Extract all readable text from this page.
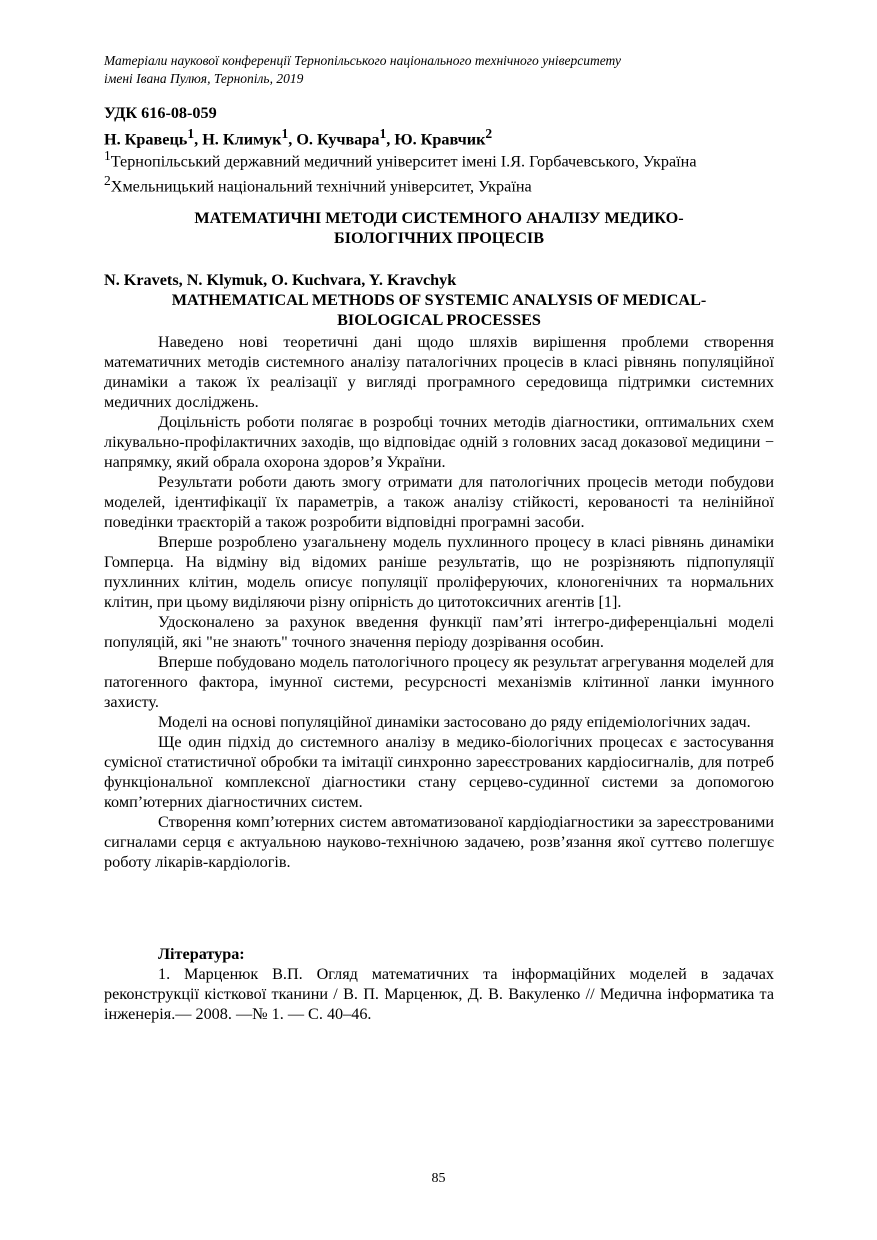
Матеріали наукової конференції Тернопільського національного технічного університету
імені Івана Пулюя, Тернопіль, 2019
УДК 616-08-059
Н. Кравець$^1$, Н. Климук$^1$, О. Кучвара$^1$, Ю. Кравчик$^2$
$^1$Тернопільський державний медичний університет імені І.Я. Горбачевського, Україна
$^2$Хмельницький національний технічний університет, Україна
МАТЕМАТИЧНІ МЕТОДИ СИСТЕМНОГО АНАЛІЗУ МЕДИКО-
БІОЛОГІЧНИХ ПРОЦЕСІВ
N. Kravets, N. Klymuk, O. Kuchvara, Y. Kravchyk
MATHEMATICAL METHODS OF SYSTEMIC ANALYSIS OF MEDICAL-
BIOLOGICAL PROCESSES

Наведено нові теоретичні дані щодо шляхів вирішення проблеми створення математичних методів системного аналізу паталогічних процесів в класі рівнянь популяційної динаміки а також їх реалізації у вигляді програмного середовища підтримки системних медичних досліджень.

Доцільність роботи полягає в розробці точних методів діагностики, оптимальних схем лікувально-профілактичних заходів, що відповідає одній з головних засад доказової медицини − напрямку, який обрала охорона здоров’я України.

Результати роботи дають змогу отримати для патологічних процесів методи побудови моделей, ідентифікації їх параметрів, а також аналізу стійкості, керованості та нелінійної поведінки траєкторій а також розробити відповідні програмні засоби.

Вперше розроблено узагальнену модель пухлинного процесу в класі рівнянь динаміки Гомперца. На відміну від відомих раніше результатів, що не розрізняють підпопуляції пухлинних клітин, модель описує популяції проліферуючих, клоногенічних та нормальних клітин, при цьому виділяючи різну опірність до цитотоксичних агентів [1].

Удосконалено за рахунок введення функції пам’яті інтегро-диференціальні моделі популяцій, які "не знають" точного значення періоду дозрівання особин.

Вперше побудовано модель патологічного процесу як результат агрегування моделей для патогенного фактора, імунної системи, ресурсності механізмів клітинної ланки імунного захисту.

Моделі на основі популяційної динаміки застосовано до ряду епідеміологічних задач.

Ще один підхід до системного аналізу в медико-біологічних процесах є застосування сумісної статистичної обробки та імітації синхронно зареєстрованих кардіосигналів, для потреб функціональної комплексної діагностики стану серцево-судинної системи за допомогою комп’ютерних діагностичних систем.

Створення комп’ютерних систем автоматизованої кардіодіагностики за зареєстрованими сигналами серця є актуальною науково-технічною задачею, розв’язання якої суттєво полегшує роботу лікарів-кардіологів.

Література:

1. Марценюк В.П. Огляд математичних та інформаційних моделей в задачах реконструкції кісткової тканини / В. П. Марценюк, Д. В. Вакуленко // Медична інформатика та інженерія.— 2008. —№ 1. — С. 40–46.

85
